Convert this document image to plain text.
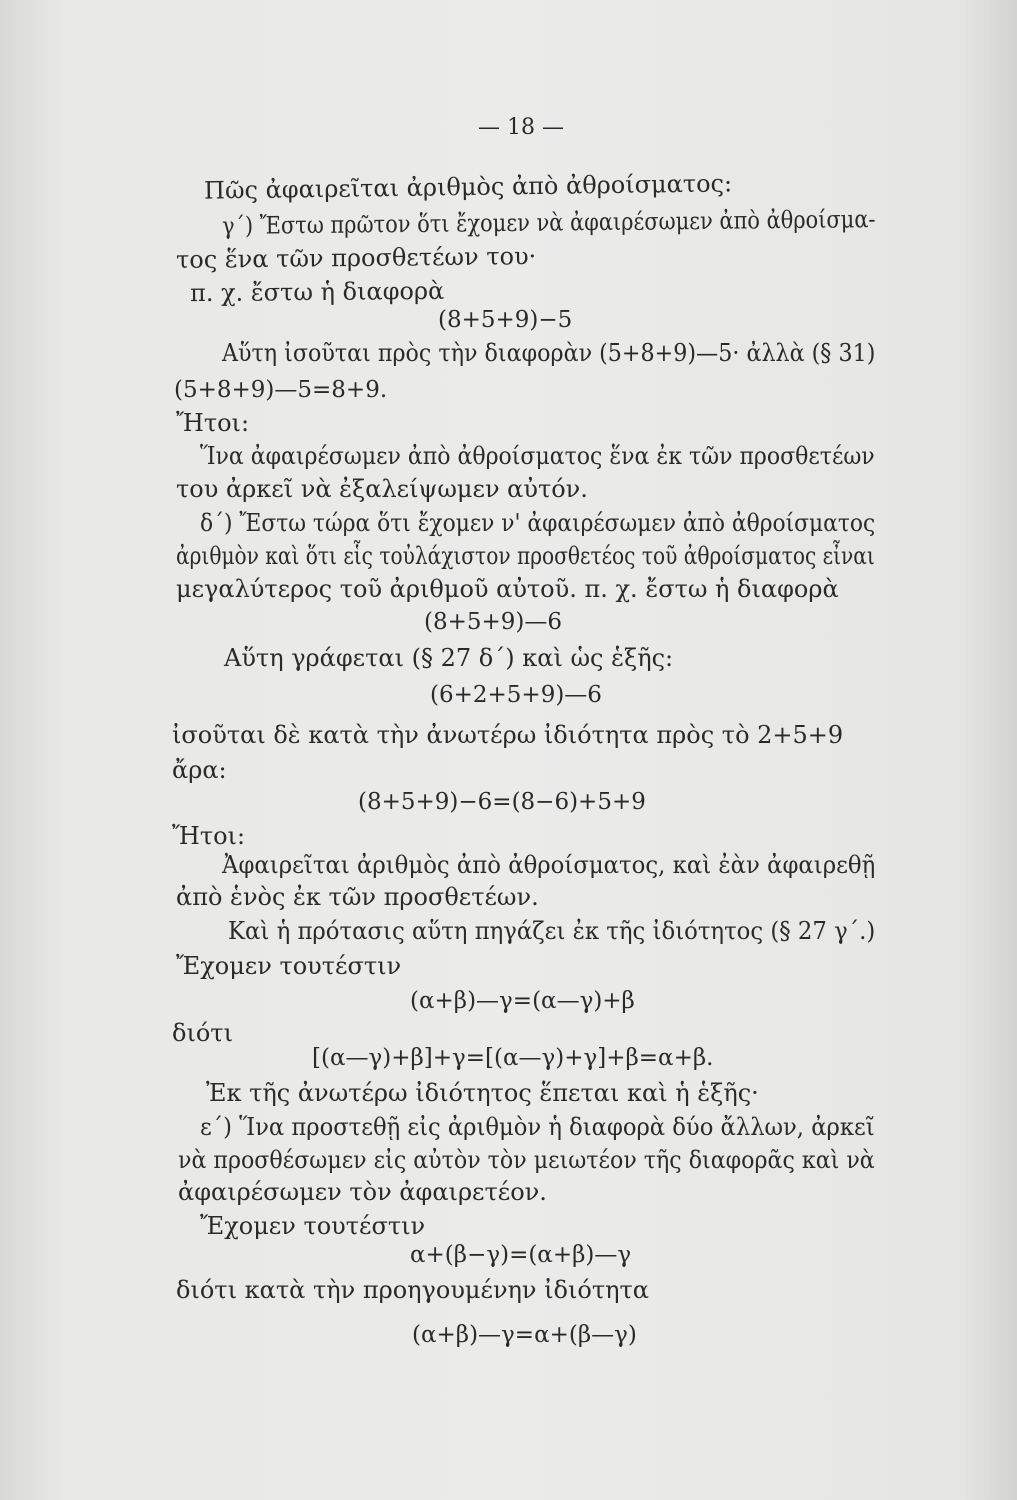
— 18 —
Πῶς ἀφαιρεῖται ἀριθμὸς ἀπὸ ἀθροίσματος:
γ΄) Ἔστω πρῶτον ὅτι ἔχομεν νὰ ἀφαιρέσωμεν ἀπὸ ἀθροίσμα-
τος ἕνα τῶν προσθετέων του·
π. χ. ἔστω ἡ διαφορὰ
(8+5+9)−5
Αὕτη ἰσοῦται πρὸς τὴν διαφορὰν (5+8+9)—5· ἀλλὰ (§ 31)
(5+8+9)—5=8+9.
Ἤτοι:
Ἵνα ἀφαιρέσωμεν ἀπὸ ἀθροίσματος ἕνα ἐκ τῶν προσθετέων
του ἀρκεῖ νὰ ἐξαλείψωμεν αὐτόν.
δ΄) Ἔστω τώρα ὅτι ἔχομεν ν' ἀφαιρέσωμεν ἀπὸ ἀθροίσματος
ἀριθμὸν καὶ ὅτι εἷς τοὐλάχιστον προσθετέος τοῦ ἀθροίσματος εἶναι
μεγαλύτερος τοῦ ἀριθμοῦ αὐτοῦ. π. χ. ἔστω ἡ διαφορὰ
(8+5+9)—6
Αὕτη γράφεται (§ 27 δ΄) καὶ ὡς ἑξῆς:
(6+2+5+9)—6
ἰσοῦται δὲ κατὰ τὴν ἀνωτέρω ἰδιότητα πρὸς τὸ 2+5+9
ἄρα:
(8+5+9)−6=(8−6)+5+9
Ἤτοι:
Ἀφαιρεῖται ἀριθμὸς ἀπὸ ἀθροίσματος, καὶ ἐὰν ἀφαιρεθῇ
ἀπὸ ἑνὸς ἐκ τῶν προσθετέων.
Καὶ ἡ πρότασις αὕτη πηγάζει ἐκ τῆς ἰδιότητος (§ 27 γ΄.)
Ἔχομεν τουτέστιν
(α+β)—γ=(α—γ)+β
διότι
[(α—γ)+β]+γ=[(α—γ)+γ]+β=α+β.
Ἐκ τῆς ἀνωτέρω ἰδιότητος ἕπεται καὶ ἡ ἑξῆς·
ε΄) Ἵνα προστεθῇ εἰς ἀριθμὸν ἡ διαφορὰ δύο ἄλλων, ἀρκεῖ
νὰ προσθέσωμεν εἰς αὐτὸν τὸν μειωτέον τῆς διαφορᾶς καὶ νὰ
ἀφαιρέσωμεν τὸν ἀφαιρετέον.
Ἔχομεν τουτέστιν
α+(β−γ)=(α+β)—γ
διότι κατὰ τὴν προηγουμένην ἰδιότητα
(α+β)—γ=α+(β—γ)
